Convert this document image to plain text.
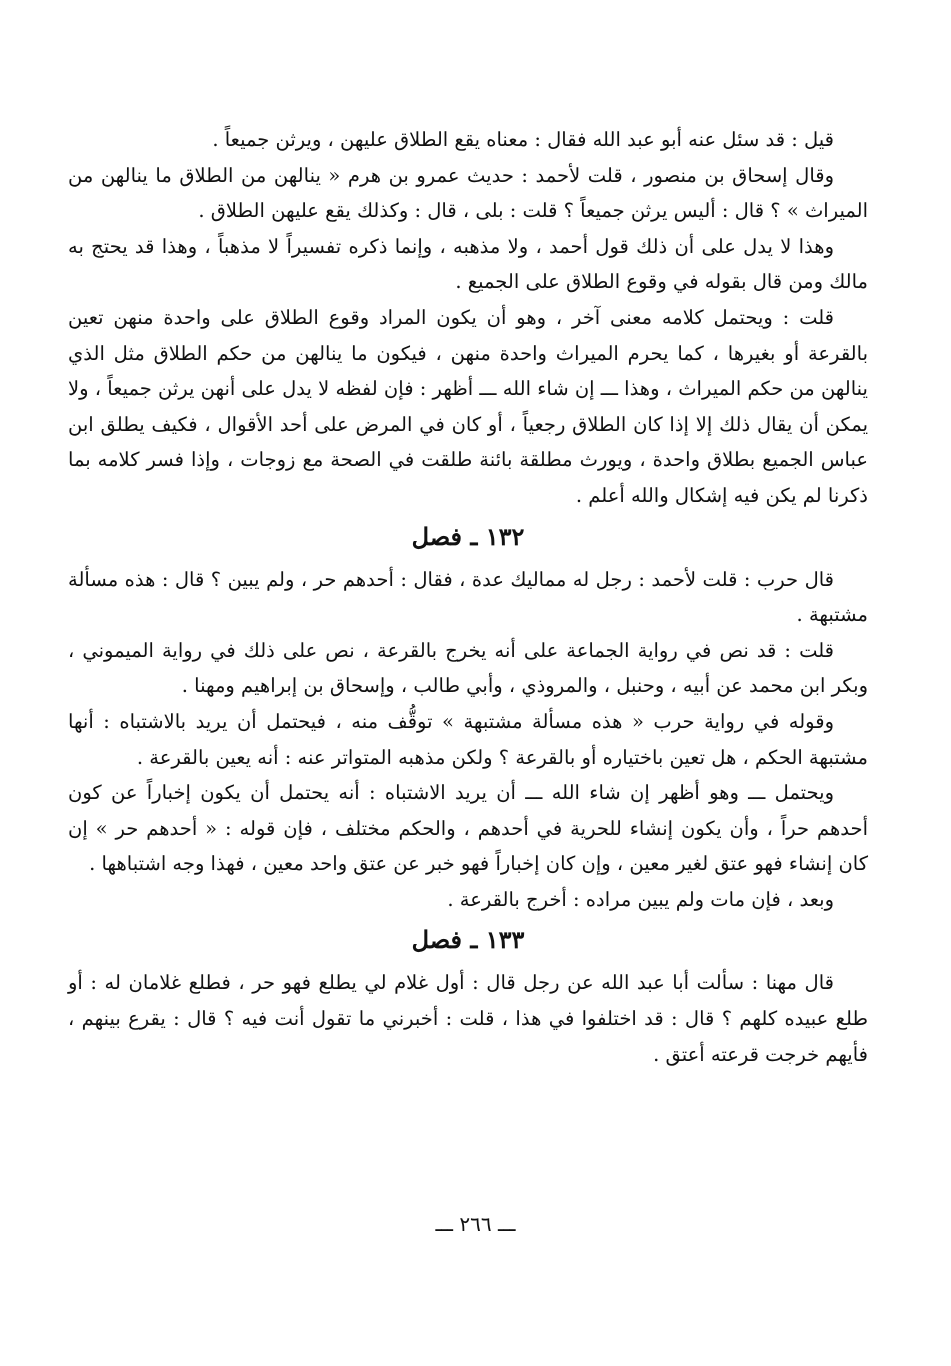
قيل : قد سئل عنه أبو عبد الله فقال : معناه يقع الطلاق عليهن ، ويرثن جميعاً .

وقال إسحاق بن منصور ، قلت لأحمد : حديث عمرو بن هرم « ينالهن من الطلاق ما ينالهن من الميراث » ؟ قال : أليس يرثن جميعاً ؟ قلت : بلى ، قال : وكذلك يقع عليهن الطلاق .

وهذا لا يدل على أن ذلك قول أحمد ، ولا مذهبه ، وإنما ذكره تفسيراً لا مذهباً ، وهذا قد يحتج به مالك ومن قال بقوله في وقوع الطلاق على الجميع .

قلت : ويحتمل كلامه معنى آخر ، وهو أن يكون المراد وقوع الطلاق على واحدة منهن تعين بالقرعة أو بغيرها ، كما يحرم الميراث واحدة منهن ، فيكون ما ينالهن من حكم الطلاق مثل الذي ينالهن من حكم الميراث ، وهذا ـــ إن شاء الله ـــ أظهر : فإن لفظه لا يدل على أنهن يرثن جميعاً ، ولا يمكن أن يقال ذلك إلا إذا كان الطلاق رجعياً ، أو كان في المرض على أحد الأقوال ، فكيف يطلق ابن عباس الجميع بطلاق واحدة ، ويورث مطلقة بائنة طلقت في الصحة مع زوجات ، وإذا فسر كلامه بما ذكرنا لم يكن فيه إشكال والله أعلم .

١٣٢ ـ فصل

قال حرب : قلت لأحمد : رجل له مماليك عدة ، فقال : أحدهم حر ، ولم يبين ؟ قال : هذه مسألة مشتبهة .

قلت : قد نص في رواية الجماعة على أنه يخرج بالقرعة ، نص على ذلك في رواية الميموني ، وبكر ابن محمد عن أبيه ، وحنبل ، والمروذي ، وأبي طالب ، وإسحاق بن إبراهيم ومهنا .

وقوله في رواية حرب « هذه مسألة مشتبهة » توقُّف منه ، فيحتمل أن يريد بالاشتباه : أنها مشتبهة الحكم ، هل تعين باختياره أو بالقرعة ؟ ولكن مذهبه المتواتر عنه : أنه يعين بالقرعة .

ويحتمل ـــ وهو أظهر إن شاء الله ـــ أن يريد الاشتباه : أنه يحتمل أن يكون إخباراً عن كون أحدهم حراً ، وأن يكون إنشاء للحرية في أحدهم ، والحكم مختلف ، فإن قوله : « أحدهم حر » إن كان إنشاء فهو عتق لغير معين ، وإن كان إخباراً فهو خبر عن عتق واحد معين ، فهذا وجه اشتباهها .

وبعد ، فإن مات ولم يبين مراده : أخرج بالقرعة .

١٣٣ ـ فصل

قال مهنا : سألت أبا عبد الله عن رجل قال : أول غلام لي يطلع فهو حر ، فطلع غلامان له : أو طلع عبيده كلهم ؟ قال : قد اختلفوا في هذا ، قلت : أخبرني ما تقول أنت فيه ؟ قال : يقرع بينهم ، فأيهم خرجت قرعته أعتق .

ـــ ٢٦٦ ـــ
